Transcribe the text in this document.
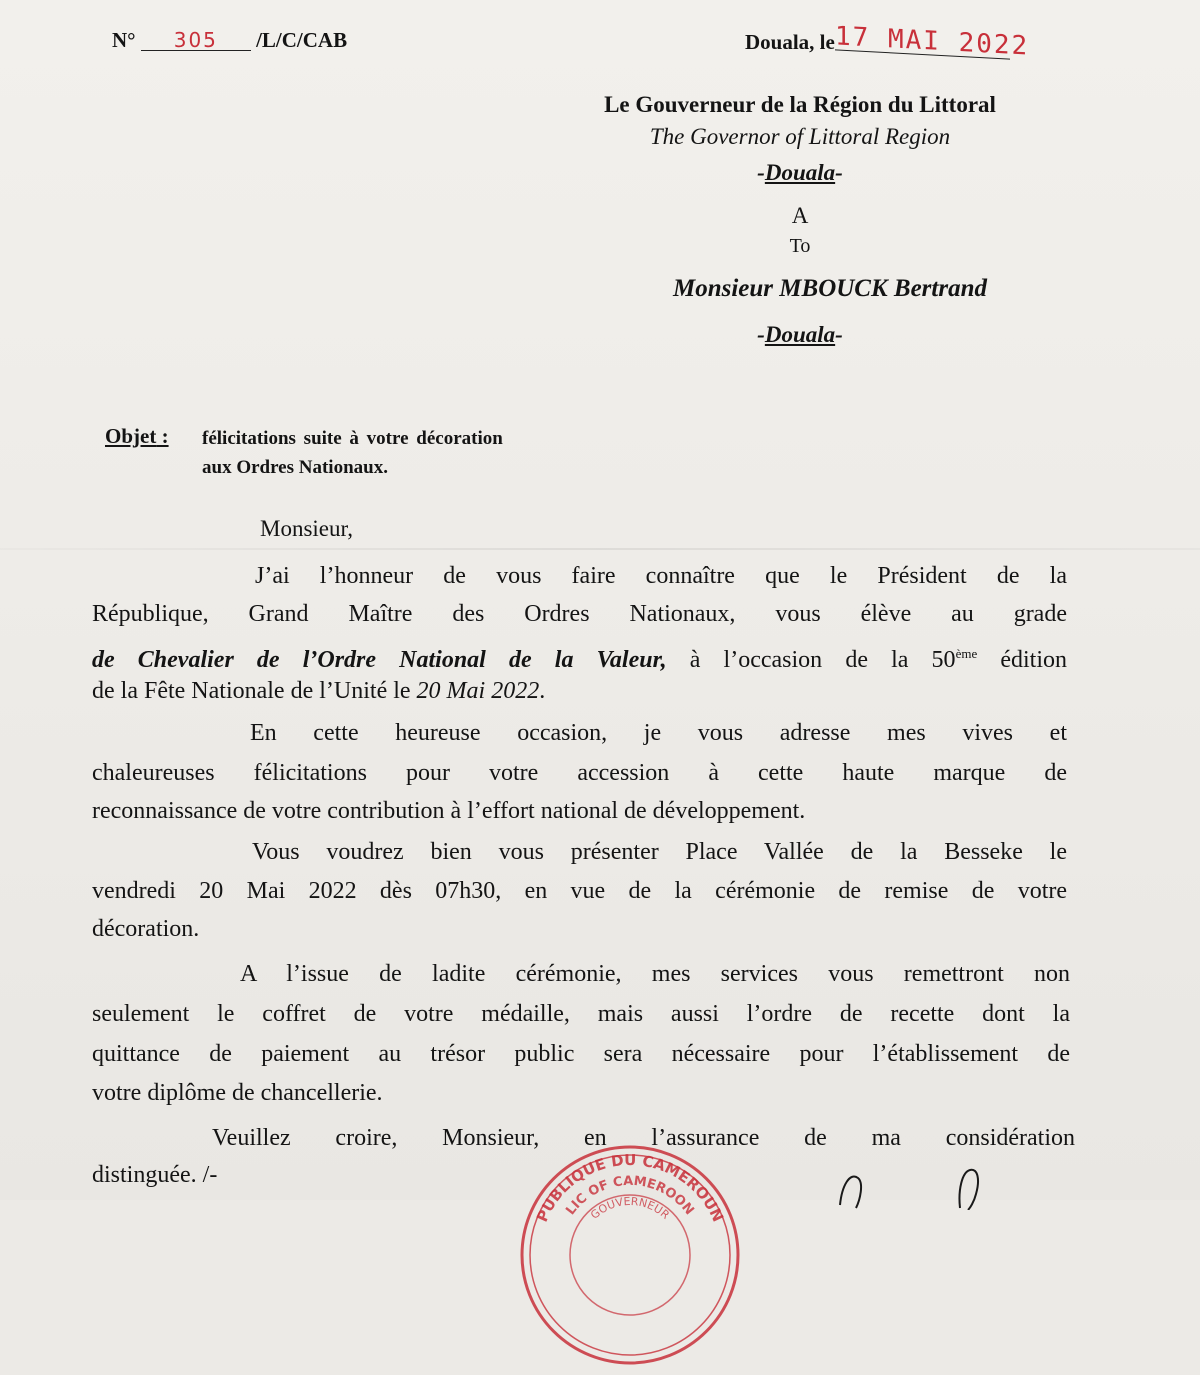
N° 305 /L/C/CAB	Douala, le17 MAI 2022
Le Gouverneur de la Région du Littoral
The Governor of Littoral Region
-Douala-
A
To
Monsieur MBOUCK Bertrand
-Douala-
Objet : félicitations suite à votre décoration
aux Ordres Nationaux.
Monsieur,
J’ai l’honneur de vous faire connaître que le Président de la
République, Grand Maître des Ordres Nationaux, vous élève au grade
de Chevalier de l’Ordre National de la Valeur, à l’occasion de la 50ème édition
de la Fête Nationale de l’Unité le 20 Mai 2022.
En cette heureuse occasion, je vous adresse mes vives et
chaleureuses félicitations pour votre accession à cette haute marque de
reconnaissance de votre contribution à l’effort national de développement.
Vous voudrez bien vous présenter Place Vallée de la Besseke le
vendredi 20 Mai 2022 dès 07h30, en vue de la cérémonie de remise de votre
décoration.
A l’issue de ladite cérémonie, mes services vous remettront non
seulement le coffret de votre médaille, mais aussi l’ordre de recette dont la
quittance de paiement au trésor public sera nécessaire pour l’établissement de
votre diplôme de chancellerie.
Veuillez croire, Monsieur, en l’assurance de ma considération
distinguée. /-
PUBLIQUE DU CAMEROUN
LIC OF CAMEROON
GOUVERNEUR
